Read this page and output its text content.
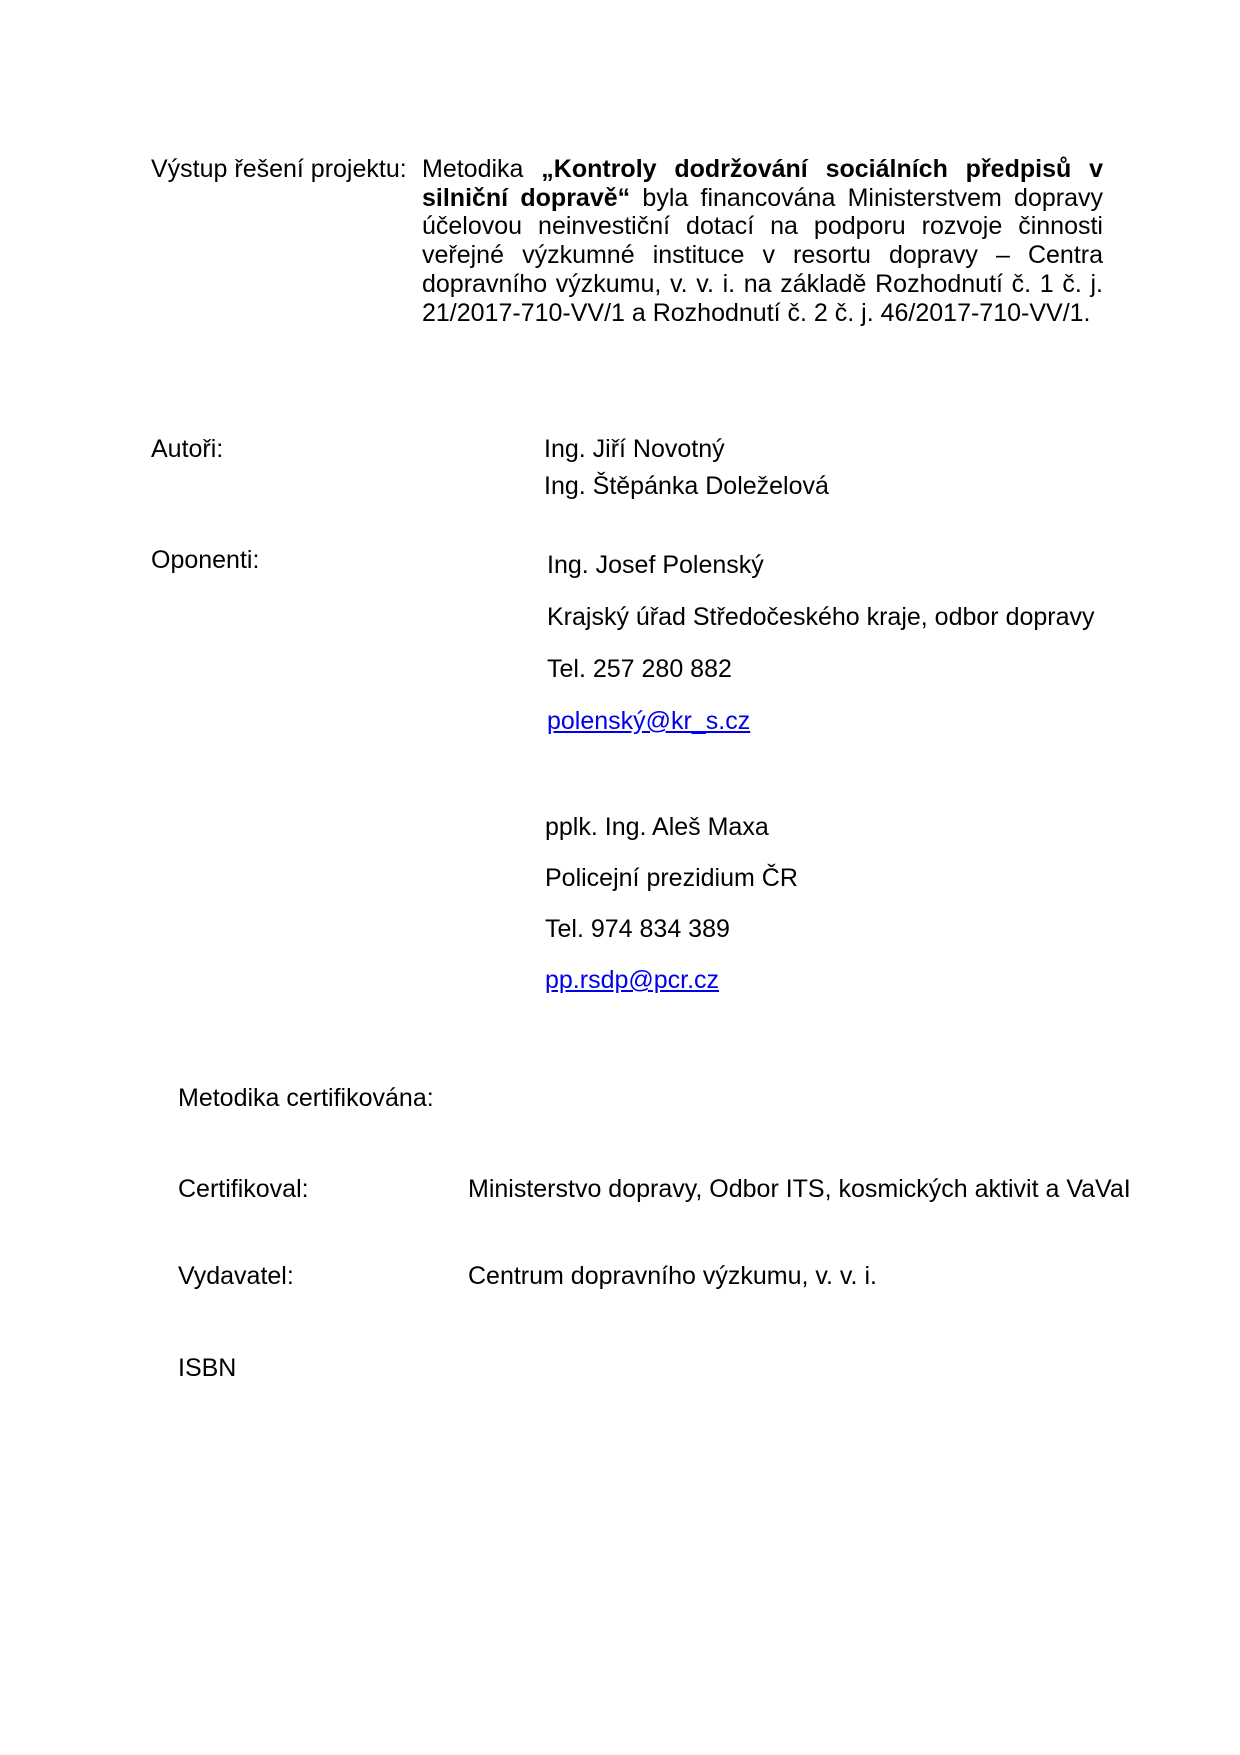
Výstup řešení projektu: Metodika „Kontroly dodržování sociálních předpisů v silniční dopravě“ byla financována Ministerstvem dopravy účelovou neinvestiční dotací na podporu rozvoje činnosti veřejné výzkumné instituce v resortu dopravy – Centra dopravního výzkumu, v. v. i. na základě Rozhodnutí č. 1 č. j. 21/2017-710-VV/1 a Rozhodnutí č. 2 č. j. 46/2017-710-VV/1.
Autoři:	Ing. Jiří Novotný
Ing. Štěpánka Doleželová
Oponenti:	Ing. Josef Polenský
Krajský úřad Středočeského kraje, odbor dopravy
Tel. 257 280 882
polenský@kr_s.cz
pplk. Ing. Aleš Maxa
Policejní prezidium ČR
Tel. 974 834 389
pp.rsdp@pcr.cz
Metodika certifikována:
Certifikoval:	Ministerstvo dopravy, Odbor ITS, kosmických aktivit a VaVaI
Vydavatel:	Centrum dopravního výzkumu, v. v. i.
ISBN
